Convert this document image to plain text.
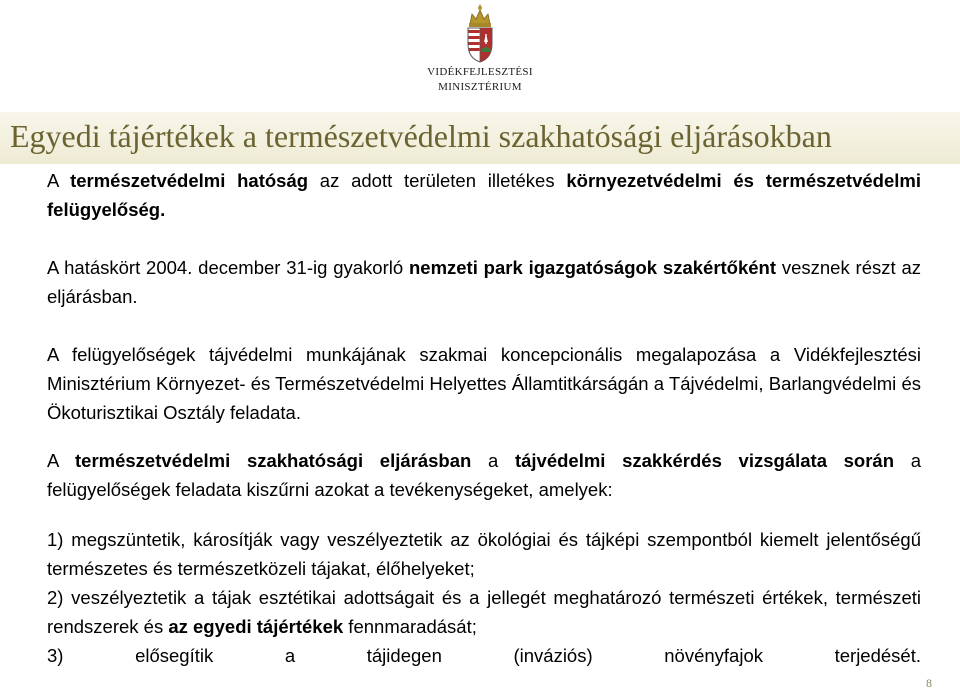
VIDÉKFEJLESZTÉSI
MINISZTÉRIUM
Egyedi tájértékek a természetvédelmi szakhatósági eljárásokban

A természetvédelmi hatóság az adott területen illetékes környezetvédelmi és természetvédelmi felügyelőség.

A hatáskört 2004. december 31-ig gyakorló nemzeti park igazgatóságok szakértőként vesznek részt az eljárásban.

A felügyelőségek tájvédelmi munkájának szakmai koncepcionális megalapozása a Vidékfejlesztési Minisztérium Környezet- és Természetvédelmi Helyettes Államtitkárságán a Tájvédelmi, Barlangvédelmi és Ökoturisztikai Osztály feladata.

A természetvédelmi szakhatósági eljárásban a tájvédelmi szakkérdés vizsgálata során a felügyelőségek feladata kiszűrni azokat a tevékenységeket, amelyek:

1) megszüntetik, károsítják vagy veszélyeztetik az ökológiai és tájképi szempontból kiemelt jelentőségű természetes és természetközeli tájakat, élőhelyeket;

2) veszélyeztetik a tájak esztétikai adottságait és a jellegét meghatározó természeti értékek, természeti rendszerek és az egyedi tájértékek fennmaradását;

3) elősegítik a tájidegen (inváziós) növényfajok terjedését.

8
